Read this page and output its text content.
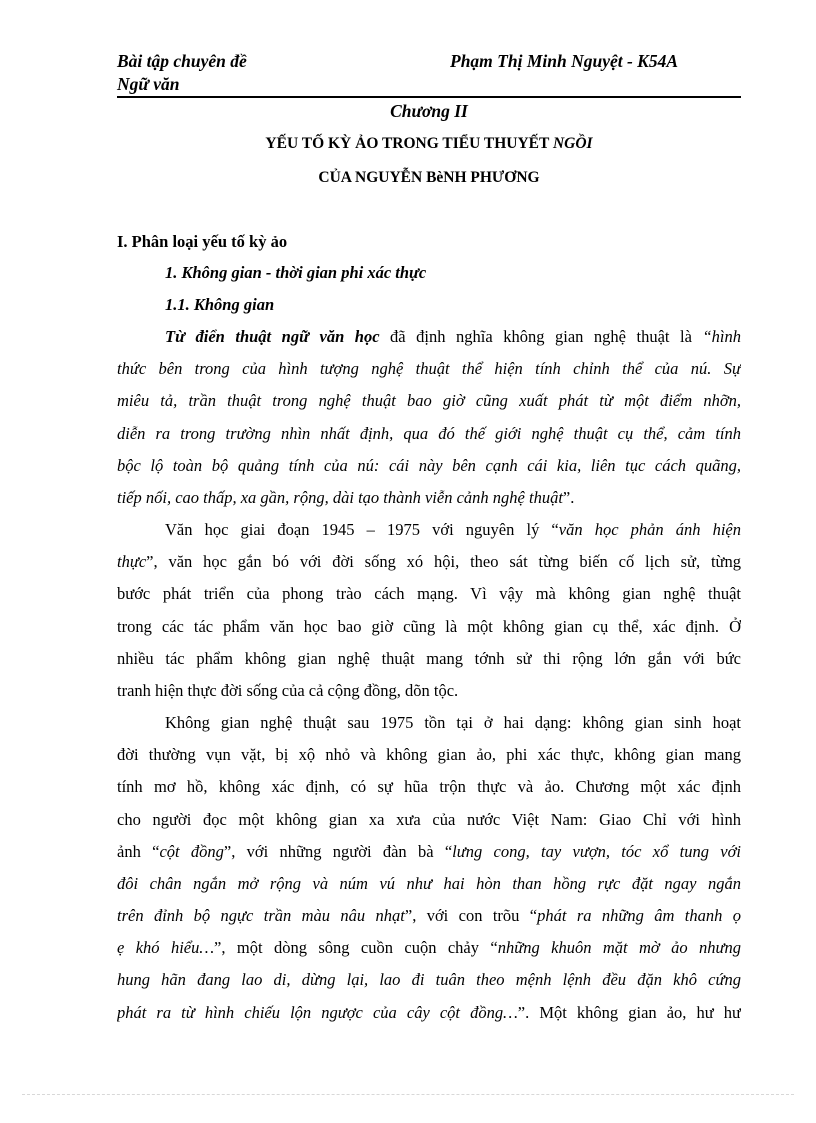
Bài tập chuyên đề
Ngữ văn
Phạm Thị Minh Nguyệt - K54A
Chương II
YẾU TỐ KỲ ẢO TRONG TIỂU THUYẾT NGỒI
CỦA NGUYỄN BèNH PHƯƠNG
I. Phân loại yếu tố kỳ ảo
1. Không gian - thời gian phi xác thực
1.1. Không gian
Từ điển thuật ngữ văn học đã định nghĩa không gian nghệ thuật là “hình
thức bên trong của hình tượng nghệ thuật thể hiện tính chỉnh thể của nú. Sự
miêu tả, trần thuật trong nghệ thuật bao giờ cũng xuất phát từ một điểm nhỡn,
diễn ra trong trường nhìn nhất định, qua đó thế giới nghệ thuật cụ thể, cảm tính
bộc lộ toàn bộ quảng tính của nú: cái này bên cạnh cái kia, liên tục cách quãng,
tiếp nối, cao thấp, xa gần, rộng, dài tạo thành viễn cảnh nghệ thuật”.
Văn học giai đoạn 1945 – 1975 với nguyên lý “văn học phản ánh hiện
thực”, văn học gắn bó với đời sống xó hội, theo sát từng biến cố lịch sử, từng
bước phát triển của phong trào cách mạng. Vì vậy mà không gian nghệ thuật
trong các tác phẩm văn học bao giờ cũng là một không gian cụ thể, xác định. Ở
nhiều tác phẩm không gian nghệ thuật mang tớnh sử thi rộng lớn gắn với bức
tranh hiện thực đời sống của cả cộng đồng, dõn tộc.
Không gian nghệ thuật sau 1975 tồn tại ở hai dạng: không gian sinh hoạt
đời thường vụn vặt, bị xộ nhỏ và không gian ảo, phi xác thực, không gian mang
tính mơ hồ, không xác định, có sự hũa trộn thực và ảo. Chương một xác định
cho người đọc một không gian xa xưa của nước Việt Nam: Giao Chỉ với hình
ảnh “cột đồng”, với những người đàn bà “lưng cong, tay vượn, tóc xổ tung với
đôi chân ngắn mở rộng và núm vú như hai hòn than hồng rực đặt ngay ngắn
trên đỉnh bộ ngực trần màu nâu nhạt”, với con trõu “phát ra những âm thanh ọ
ẹ khó hiểu…”, một dòng sông cuồn cuộn chảy “những khuôn mặt mờ ảo nhưng
hung hãn đang lao di, dừng lại, lao đi tuân theo mệnh lệnh đều đặn khô cứng
phát ra từ hình chiếu lộn ngược của cây cột đồng…”. Một không gian ảo, hư hư
